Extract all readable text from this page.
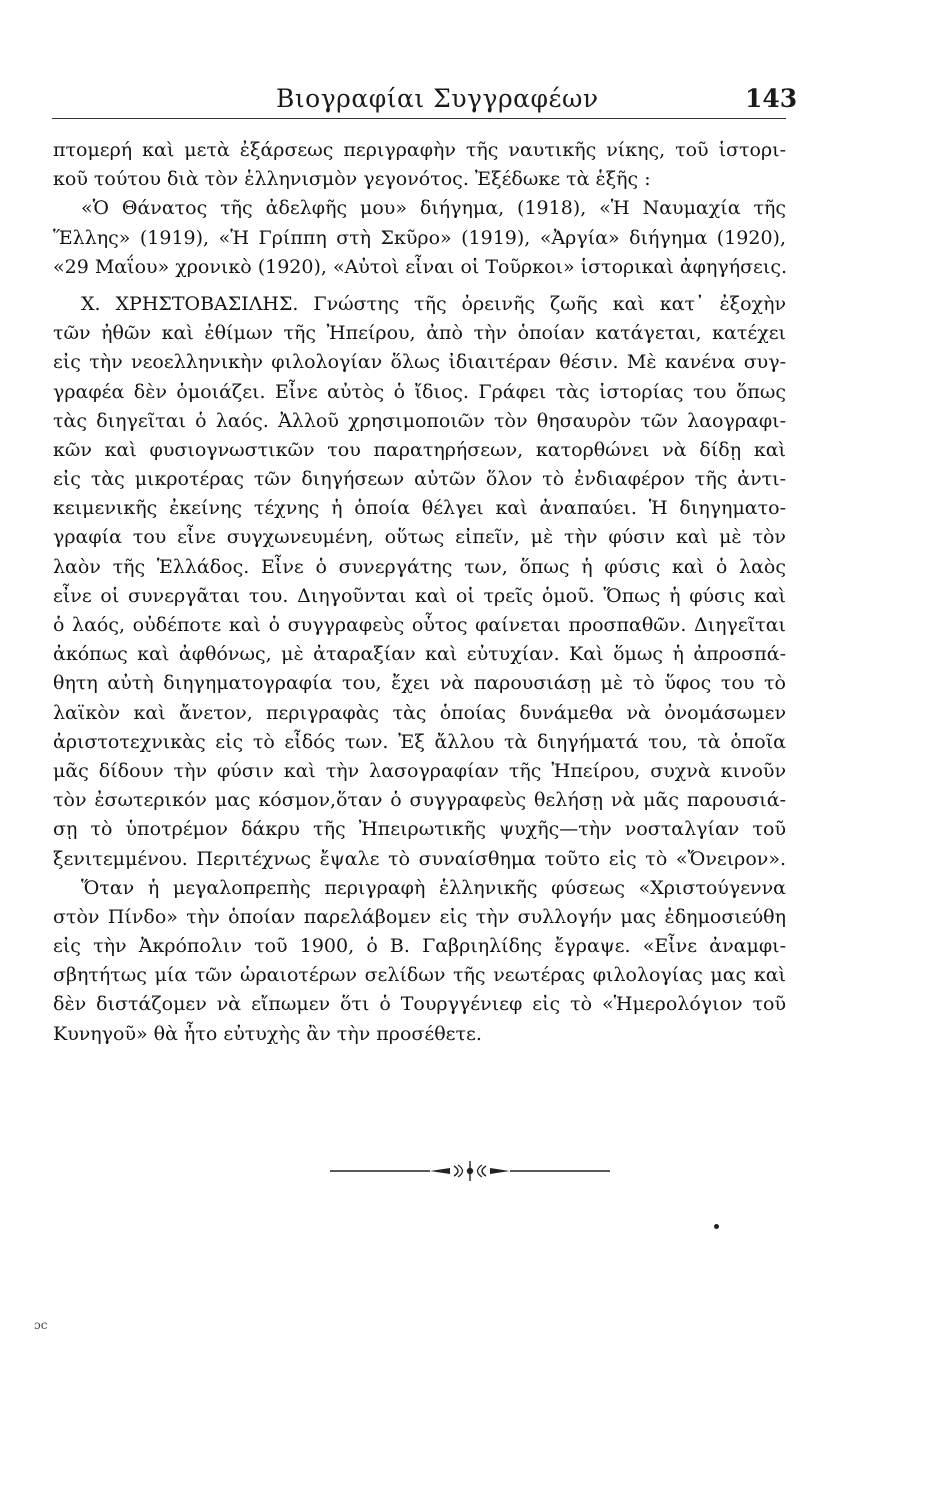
Βιογραφίαι Συγγραφέων	143
πτομερή καὶ μετὰ ἐξάρσεως περιγραφὴν τῆς ναυτικῆς νίκης, τοῦ ἱστορι-
κοῦ τούτου διὰ τὸν ἑλληνισμὸν γεγονότος. Ἐξέδωκε τὰ ἑξῆς :
«Ὁ Θάνατος τῆς ἀδελφῆς μου» διήγημα, (1918), «Ἡ Ναυμαχία τῆς
Ἕλλης» (1919), «Ἡ Γρίππη στὴ Σκῦρο» (1919), «Ἀργία» διήγημα (1920),
«29 Μαΐου» χρονικὸ (1920), «Αὐτοὶ εἶναι οἱ Τοῦρκοι» ἱστορικαὶ ἀφηγήσεις.
Χ. ΧΡΗΣΤΟΒΑΣΙΛΗΣ. Γνώστης τῆς ὀρεινῆς ζωῆς καὶ κατ᾿ ἐξοχὴν
τῶν ἠθῶν καὶ ἐθίμων τῆς Ἠπείρου, ἀπὸ τὴν ὁποίαν κατάγεται, κατέχει
εἰς τὴν νεοελληνικὴν φιλολογίαν ὅλως ἰδιαιτέραν θέσιν. Μὲ κανένα συγ-
γραφέα δὲν ὁμοιάζει. Εἶνε αὐτὸς ὁ ἴδιος. Γράφει τὰς ἱστορίας του ὅπως
τὰς διηγεῖται ὁ λαός. Ἀλλοῦ χρησιμοποιῶν τὸν θησαυρὸν τῶν λαογραφι-
κῶν καὶ φυσιογνωστικῶν του παρατηρήσεων, κατορθώνει νὰ δίδῃ καὶ
εἰς τὰς μικροτέρας τῶν διηγήσεων αὐτῶν ὅλον τὸ ἐνδιαφέρον τῆς ἀντι-
κειμενικῆς ἐκείνης τέχνης ἡ ὁποία θέλγει καὶ ἀναπαύει. Ἡ διηγηματο-
γραφία του εἶνε συγχωνευμένη, οὕτως εἰπεῖν, μὲ τὴν φύσιν καὶ μὲ τὸν
λαὸν τῆς Ἑλλάδος. Εἶνε ὁ συνεργάτης των, ὅπως ἡ φύσις καὶ ὁ λαὸς
εἶνε οἱ συνεργᾶται του. Διηγοῦνται καὶ οἱ τρεῖς ὁμοῦ. Ὅπως ἡ φύσις καὶ
ὁ λαός, οὐδέποτε καὶ ὁ συγγραφεὺς οὗτος φαίνεται προσπαθῶν. Διηγεῖται
ἀκόπως καὶ ἀφθόνως, μὲ ἀταραξίαν καὶ εὐτυχίαν. Καὶ ὅμως ἡ ἀπροσπά-
θητη αὐτὴ διηγηματογραφία του, ἔχει νὰ παρουσιάσῃ μὲ τὸ ὕφος του τὸ
λαϊκὸν καὶ ἄνετον, περιγραφὰς τὰς ὁποίας δυνάμεθα νὰ ὀνομάσωμεν
ἀριστοτεχνικὰς εἰς τὸ εἶδός των. Ἐξ ἄλλου τὰ διηγήματά του, τὰ ὁποῖα
μᾶς δίδουν τὴν φύσιν καὶ τὴν λασογραφίαν τῆς Ἠπείρου, συχνὰ κινοῦν
τὸν ἐσωτερικόν μας κόσμον,ὅταν ὁ συγγραφεὺς θελήσῃ νὰ μᾶς παρουσιά-
σῃ τὸ ὑποτρέμον δάκρυ τῆς Ἠπειρωτικῆς ψυχῆς—τὴν νοσταλγίαν τοῦ
ξενιτεμμένου. Περιτέχνως ἔψαλε τὸ συναίσθημα τοῦτο εἰς τὸ «Ὄνειρον».
Ὅταν ἡ μεγαλοπρεπὴς περιγραφὴ ἑλληνικῆς φύσεως «Χριστούγεννα
στὸν Πίνδο» τὴν ὁποίαν παρελάβομεν εἰς τὴν συλλογήν μας ἐδημοσιεύθη
εἰς τὴν Ἀκρόπολιν τοῦ 1900, ὁ Β. Γαβριηλίδης ἔγραψε. «Εἶνε ἀναμφι-
σβητήτως μία τῶν ὡραιοτέρων σελίδων τῆς νεωτέρας φιλολογίας μας καὶ
δὲν διστάζομεν νὰ εἴπωμεν ὅτι ὁ Τουργγένιεφ εἰς τὸ «Ἡμερολόγιον τοῦ
Κυνηγοῦ» θὰ ἦτο εὐτυχὴς ἂν τὴν προσέθετε.
ɔc
